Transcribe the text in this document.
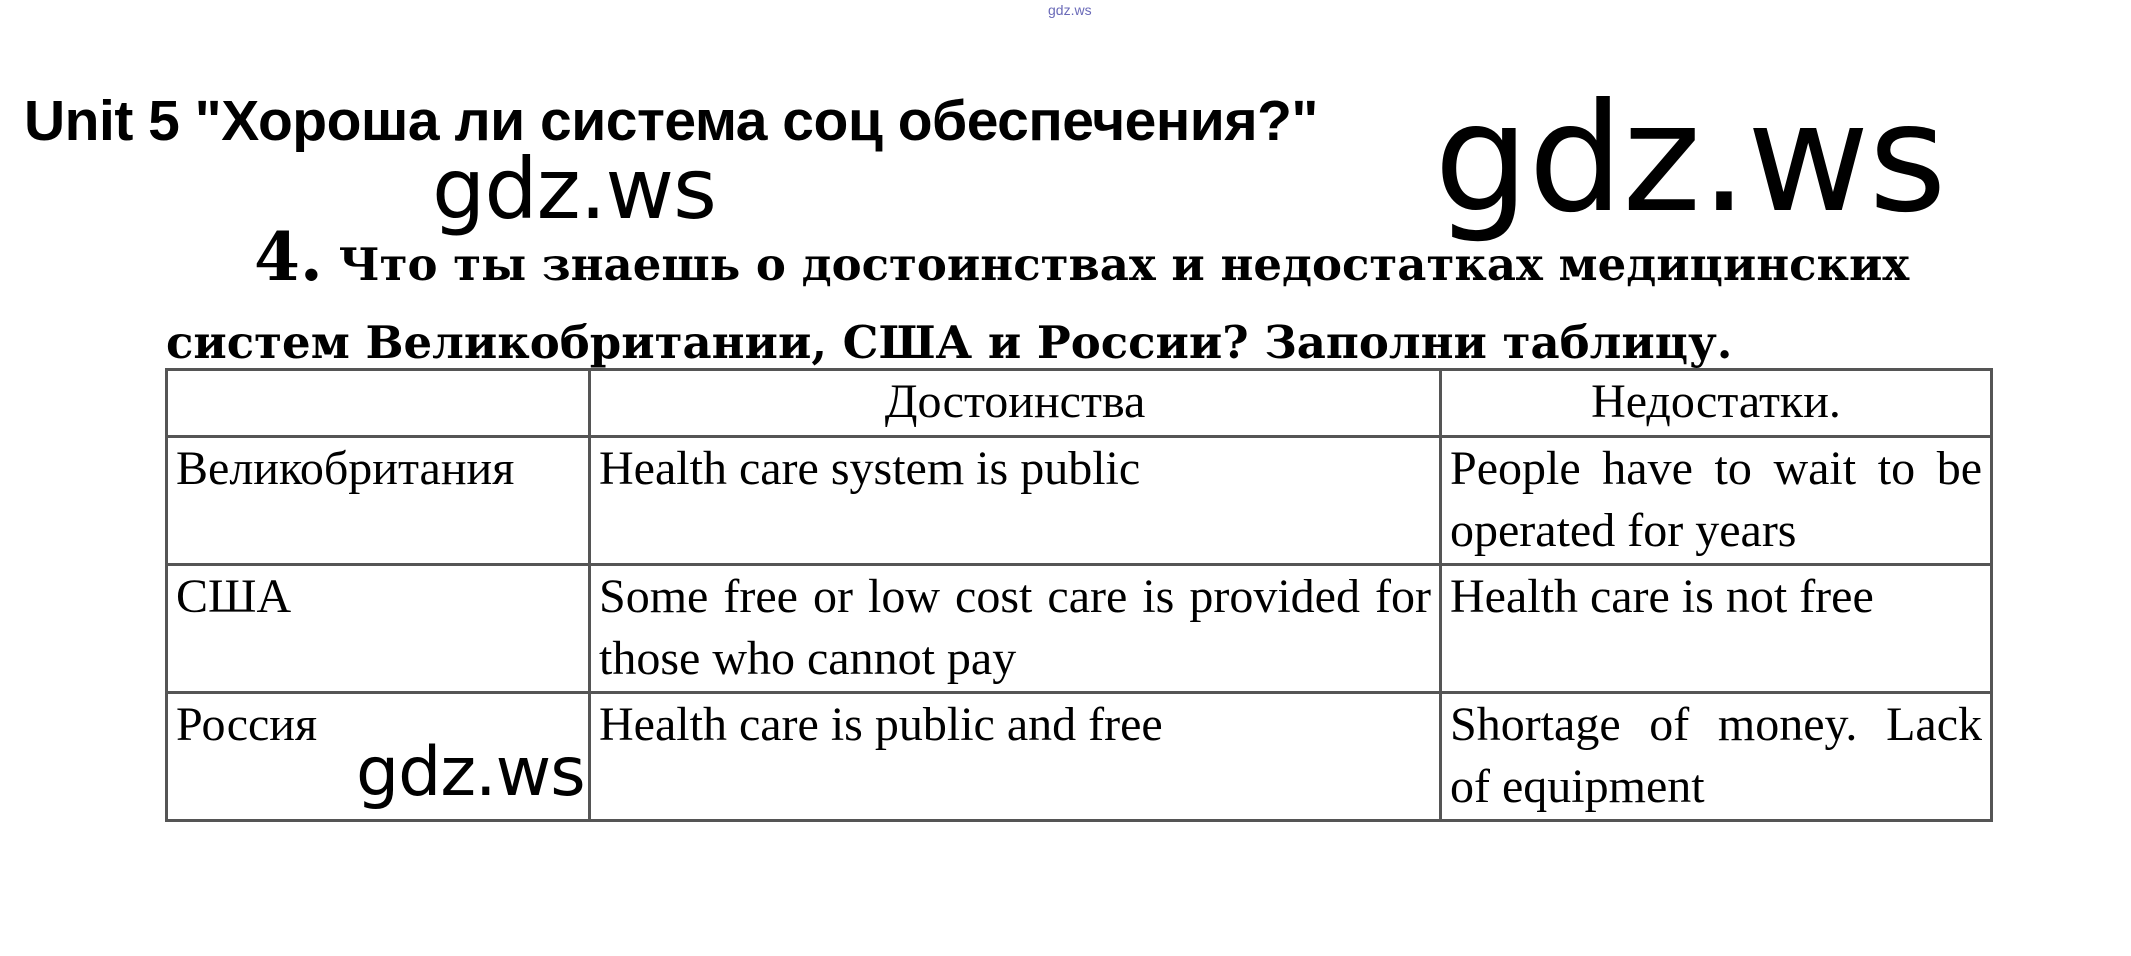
gdz.ws
Unit 5 "Хороша ли система соц обеспечения?"
4. Что ты знаешь о достоинствах и недостатках медицинских систем Великобритании, США и России? Заполни таблицу.
	Достоинства	Недостатки.
Великобритания	Health care system is public	People have to wait to be operated for years
США	Some free or low cost care is provided for those who cannot pay	Health care is not free
Россия	Health care is public and free	Shortage of money. Lack of equipment
gdz.ws	gdz.ws
gdz.ws
